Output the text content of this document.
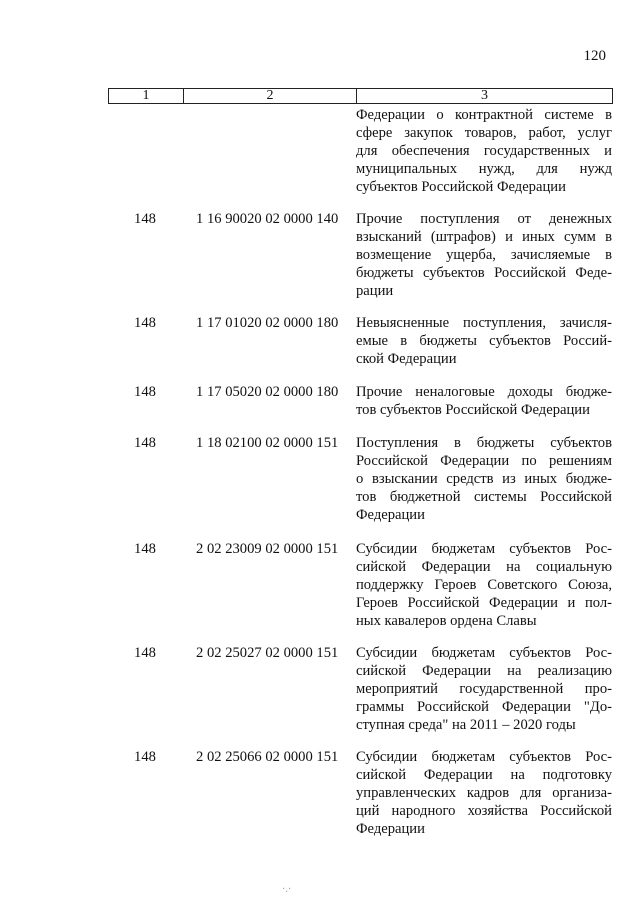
120
1	2	3
Федерации о контрактной системе в
сфере закупок товаров, работ, услуг
для обеспечения государственных и
муниципальных нужд, для нужд
субъектов Российской Федерации
148	1 16 90020 02 0000 140	Прочие поступления от денежных
взысканий (штрафов) и иных сумм в
возмещение ущерба, зачисляемые в
бюджеты субъектов Российской Феде-
рации
148	1 17 01020 02 0000 180	Невыясненные поступления, зачисля-
емые в бюджеты субъектов Россий-
ской Федерации
148	1 17 05020 02 0000 180	Прочие неналоговые доходы бюдже-
тов субъектов Российской Федерации
148	1 18 02100 02 0000 151	Поступления в бюджеты субъектов
Российской Федерации по решениям
о взыскании средств из иных бюдже-
тов бюджетной системы Российской
Федерации
148	2 02 23009 02 0000 151	Субсидии бюджетам субъектов Рос-
сийской Федерации на социальную
поддержку Героев Советского Союза,
Героев Российской Федерации и пол-
ных кавалеров ордена Славы
148	2 02 25027 02 0000 151	Субсидии бюджетам субъектов Рос-
сийской Федерации на реализацию
мероприятий государственной про-
граммы Российской Федерации "До-
ступная среда" на 2011 – 2020 годы
148	2 02 25066 02 0000 151	Субсидии бюджетам субъектов Рос-
сийской Федерации на подготовку
управленческих кадров для организа-
ций народного хозяйства Российской
Федерации
·.·
